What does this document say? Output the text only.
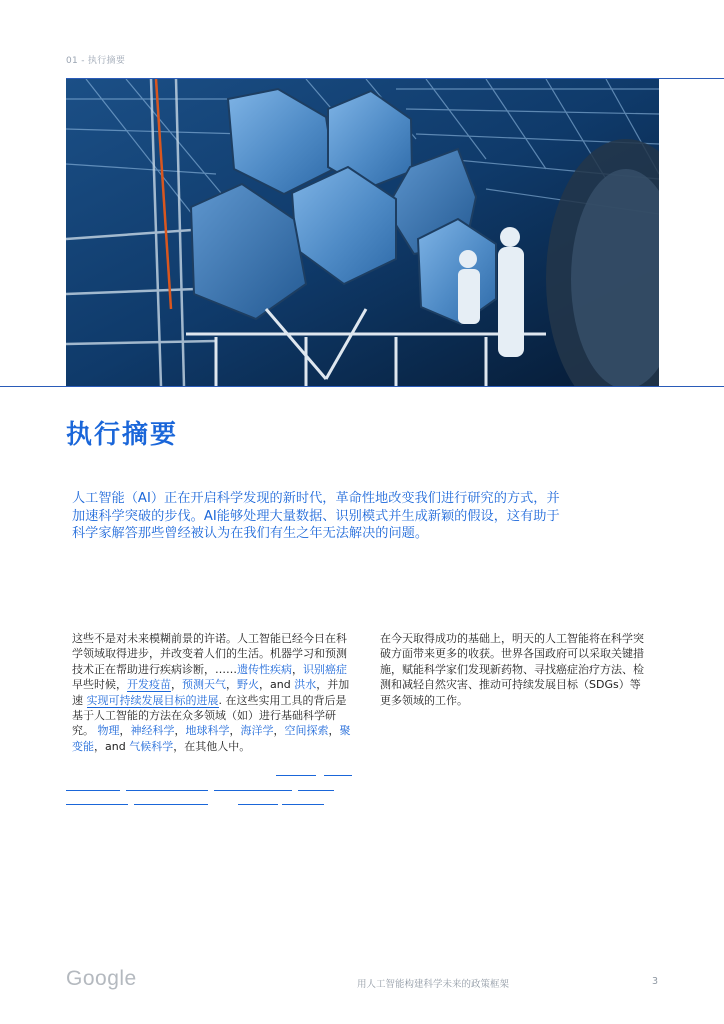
01 - 执行摘要
执行摘要
人工智能（AI）正在开启科学发现的新时代，革命性地改变我们进行研究的方式，并加速科学突破的步伐。AI能够处理大量数据、识别模式并生成新颖的假设，这有助于科学家解答那些曾经被认为在我们有生之年无法解决的问题。
这些不是对未来模糊前景的许诺。人工智能已经今日在科学领域取得进步，并改变着人们的生活。机器学习和预测技术正在帮助进行疾病诊断，……遗传性疾病，识别癌症 早些时候，开发疫苗，预测天气，野火，and 洪水，并加速 实现可持续发展目标的进展. 在这些实用工具的背后是基于人工智能的方法在众多领域（如）进行基础科学研究。 物理，神经科学，地球科学，海洋学，空间探索，聚变能，and 气候科学，在其他人中。
在今天取得成功的基础上，明天的人工智能将在科学突破方面带来更多的收获。世界各国政府可以采取关键措施，赋能科学家们发现新药物、寻找癌症治疗方法、检测和减轻自然灾害、推动可持续发展目标（SDGs）等更多领域的工作。
Google	用人工智能构建科学未来的政策框架	3
